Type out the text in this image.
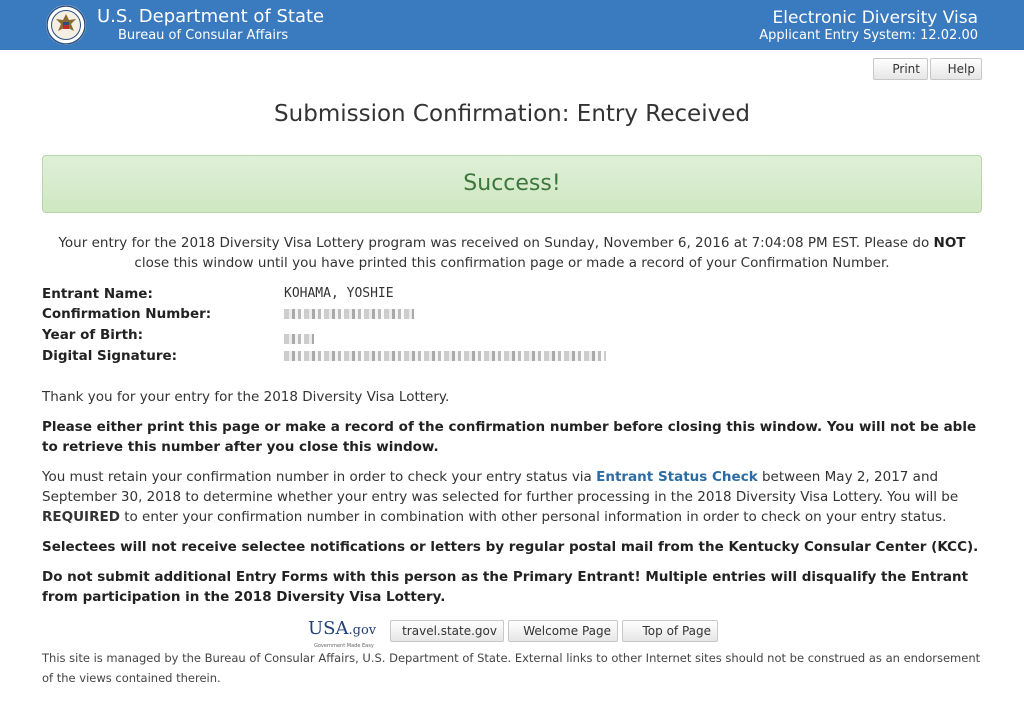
U.S. Department of State
Bureau of Consular Affairs
Electronic Diversity Visa
Applicant Entry System: 12.02.00
Print	Help
Submission Confirmation: Entry Received
Success!
Your entry for the 2018 Diversity Visa Lottery program was received on Sunday, November 6, 2016 at 7:04:08 PM EST. Please do NOT close this window until you have printed this confirmation page or made a record of your Confirmation Number.
Entrant Name:	KOHAMA, YOSHIE
Confirmation Number:
Year of Birth:
Digital Signature:
Thank you for your entry for the 2018 Diversity Visa Lottery.
Please either print this page or make a record of the confirmation number before closing this window. You will not be able to retrieve this number after you close this window.
You must retain your confirmation number in order to check your entry status via Entrant Status Check between May 2, 2017 and September 30, 2018 to determine whether your entry was selected for further processing in the 2018 Diversity Visa Lottery. You will be REQUIRED to enter your confirmation number in combination with other personal information in order to check on your entry status.
Selectees will not receive selectee notifications or letters by regular postal mail from the Kentucky Consular Center (KCC).
Do not submit additional Entry Forms with this person as the Primary Entrant! Multiple entries will disqualify the Entrant from participation in the 2018 Diversity Visa Lottery.
USA.gov
Government Made Easy
travel.state.gov	Welcome Page	Top of Page
This site is managed by the Bureau of Consular Affairs, U.S. Department of State. External links to other Internet sites should not be construed as an endorsement of the views contained therein.
